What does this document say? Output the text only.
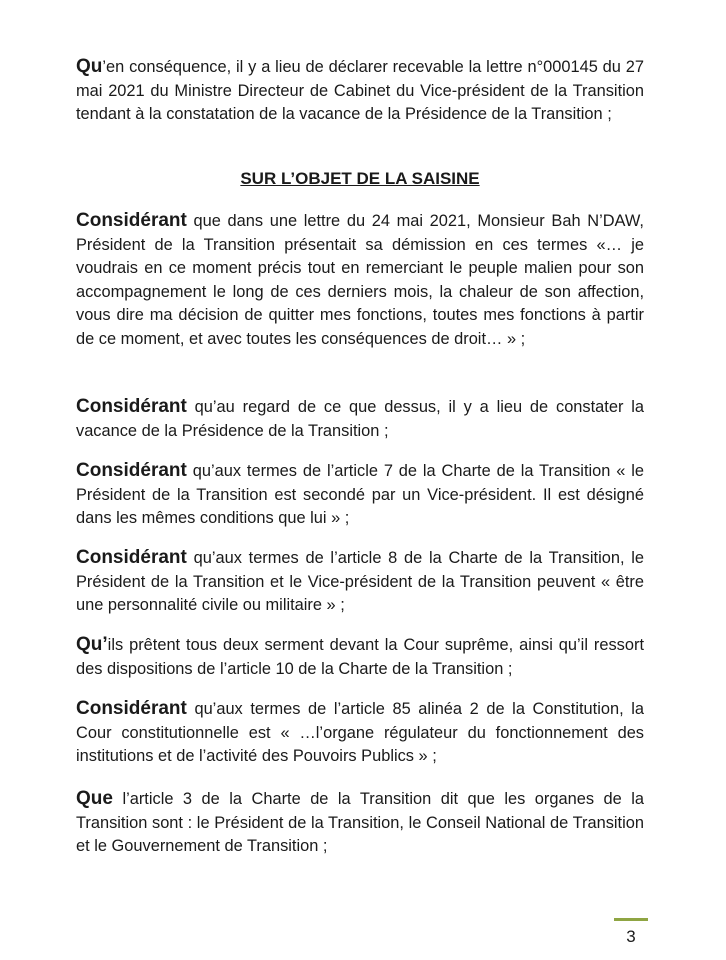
Qu’en conséquence, il y a lieu de déclarer recevable la lettre n°000145 du 27 mai 2021 du Ministre Directeur de Cabinet du Vice-président de la Transition tendant à la constatation de la vacance de la Présidence de la Transition ;

SUR L’OBJET DE LA SAISINE

Considérant que dans une lettre du 24 mai 2021, Monsieur Bah N’DAW, Président de la Transition présentait sa démission en ces termes «… je voudrais en ce moment précis tout en remerciant le peuple malien pour son accompagnement le long de ces derniers mois, la chaleur de son affection, vous dire ma décision de quitter mes fonctions, toutes mes fonctions à partir de ce moment, et avec toutes les conséquences de droit… » ;

Considérant qu’au regard de ce que dessus, il y a lieu de constater la vacance de la Présidence de la Transition ;

Considérant qu’aux termes de l’article 7 de la Charte de la Transition « le Président de la Transition est secondé par un Vice-président. Il est désigné dans les mêmes conditions que lui » ;

Considérant qu’aux termes de l’article 8 de la Charte de la Transition, le Président de la Transition et le Vice-président de la Transition peuvent « être une personnalité civile ou militaire » ;

Qu’ils prêtent tous deux serment devant la Cour suprême, ainsi qu’il ressort des dispositions de l’article 10 de la Charte de la Transition ;

Considérant qu’aux termes de l’article 85 alinéa 2 de la Constitution, la Cour constitutionnelle est « …l’organe régulateur du fonctionnement des institutions et de l’activité des Pouvoirs Publics » ;

Que l’article 3 de la Charte de la Transition dit que les organes de la Transition sont : le Président de la Transition, le Conseil National de Transition et le Gouvernement de Transition ;

3
